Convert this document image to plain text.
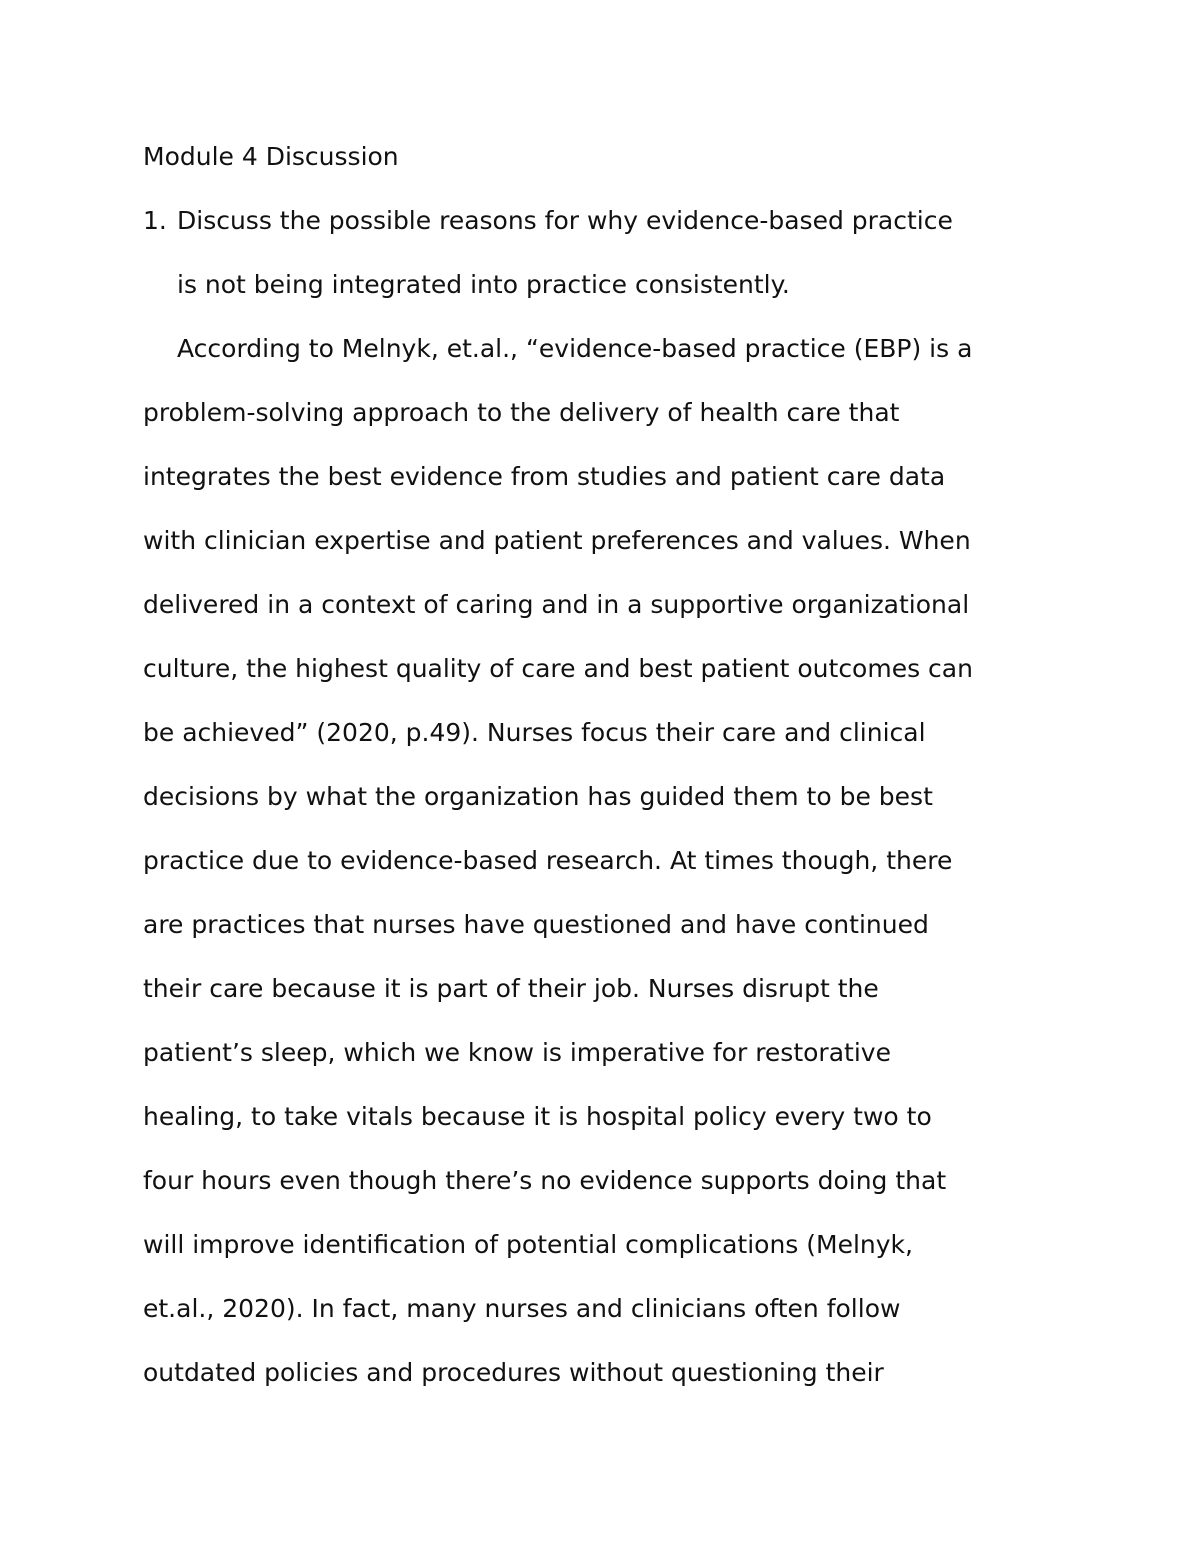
Module 4 Discussion
1. Discuss the possible reasons for why evidence-based practice
is not being integrated into practice consistently.
According to Melnyk, et.al., “evidence-based practice (EBP) is a
problem-solving approach to the delivery of health care that
integrates the best evidence from studies and patient care data
with clinician expertise and patient preferences and values. When
delivered in a context of caring and in a supportive organizational
culture, the highest quality of care and best patient outcomes can
be achieved” (2020, p.49). Nurses focus their care and clinical
decisions by what the organization has guided them to be best
practice due to evidence-based research. At times though, there
are practices that nurses have questioned and have continued
their care because it is part of their job. Nurses disrupt the
patient’s sleep, which we know is imperative for restorative
healing, to take vitals because it is hospital policy every two to
four hours even though there’s no evidence supports doing that
will improve identification of potential complications (Melnyk,
et.al., 2020). In fact, many nurses and clinicians often follow
outdated policies and procedures without questioning their
